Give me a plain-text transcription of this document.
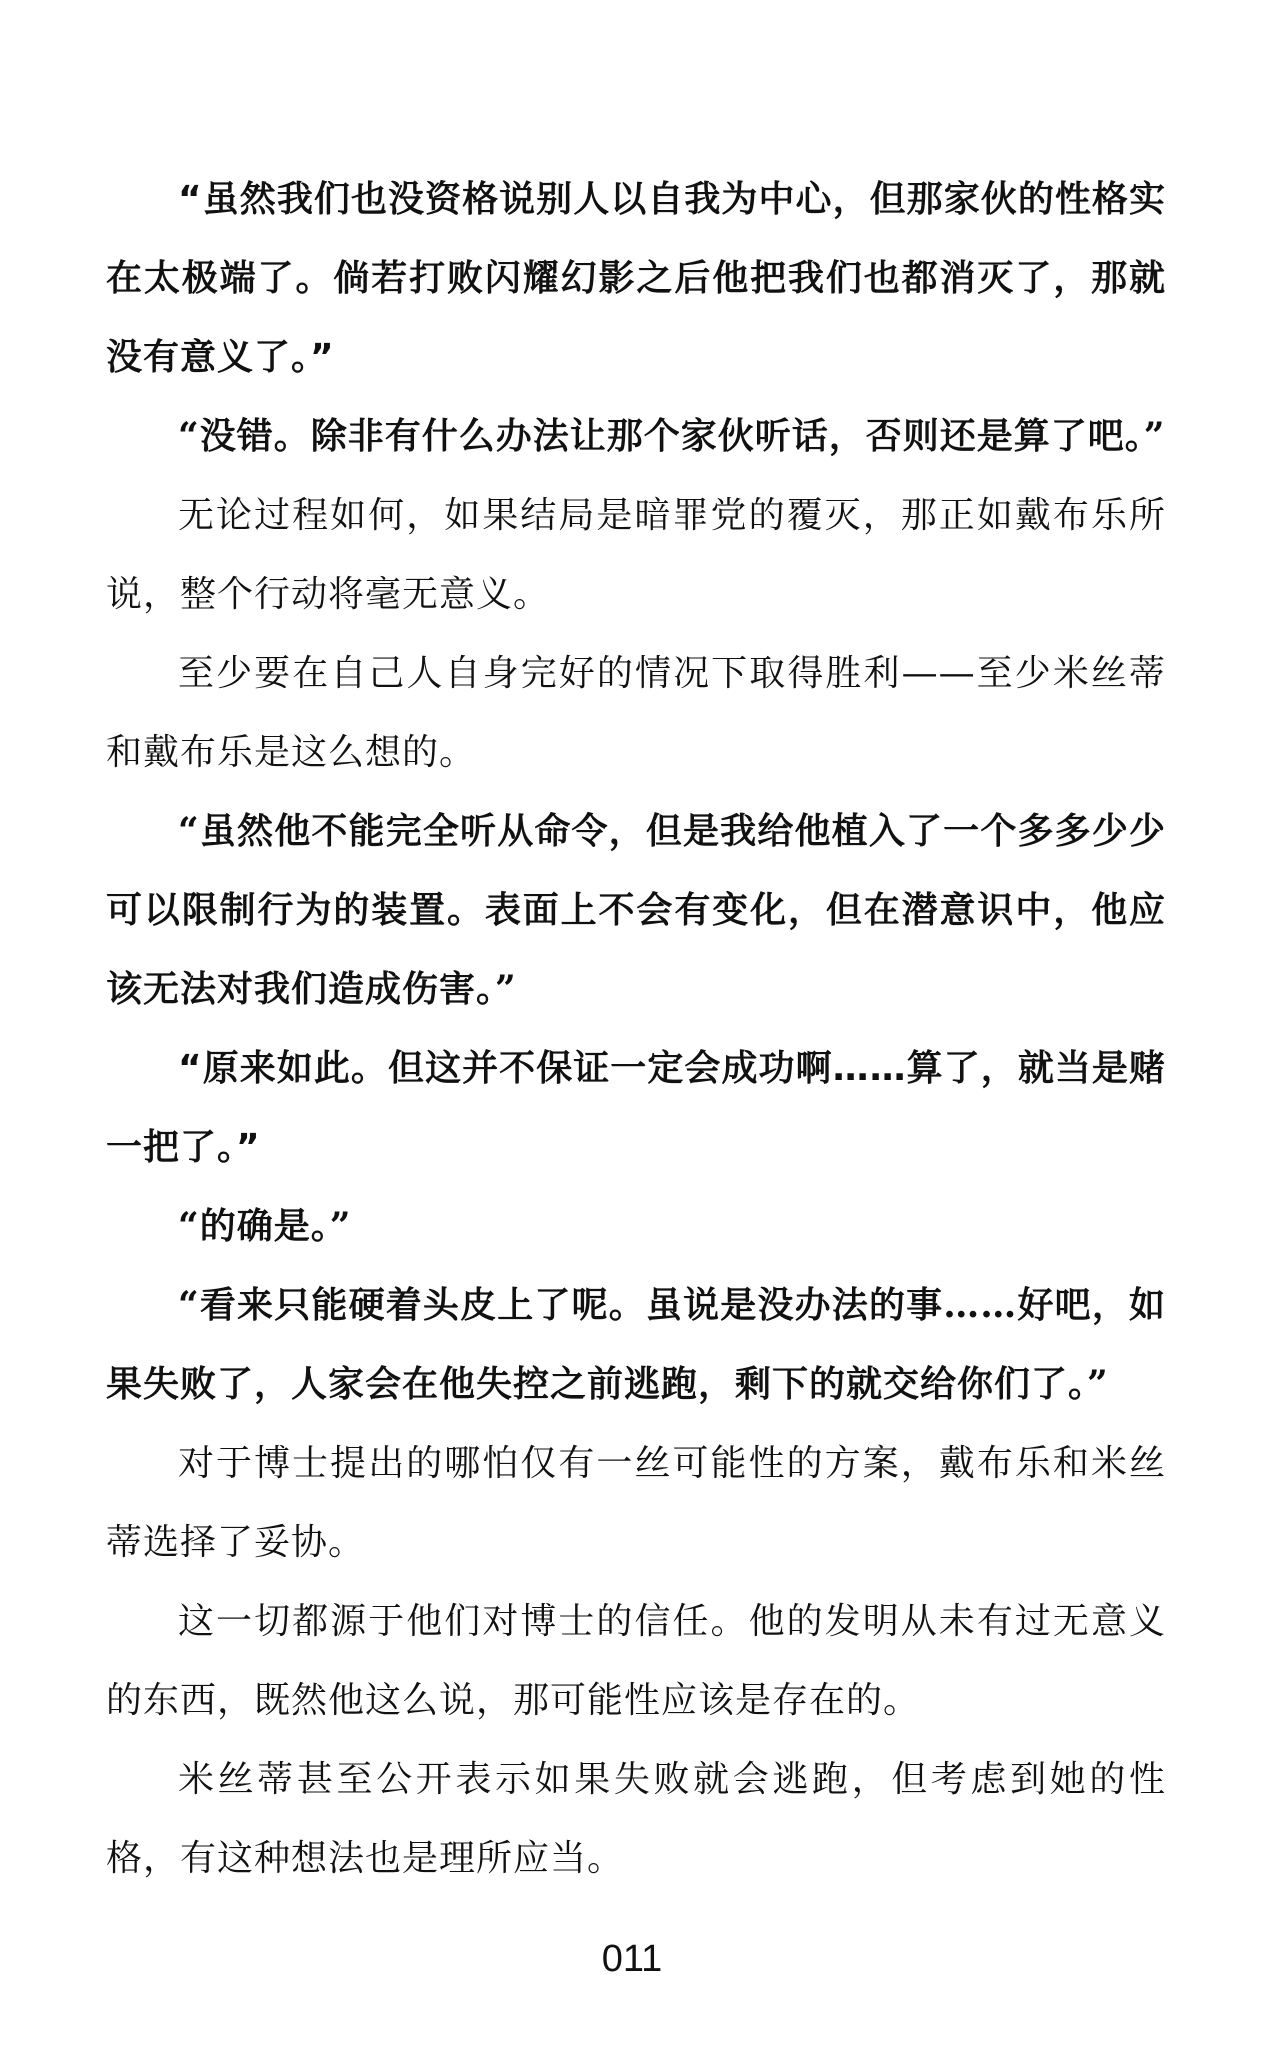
“虽然我们也没资格说别人以自我为中心，但那家伙的性格实在太极端了。倘若打败闪耀幻影之后他把我们也都消灭了，那就没有意义了。”

“没错。除非有什么办法让那个家伙听话，否则还是算了吧。”

无论过程如何，如果结局是暗罪党的覆灭，那正如戴布乐所说，整个行动将毫无意义。

至少要在自己人自身完好的情况下取得胜利——至少米丝蒂和戴布乐是这么想的。

“虽然他不能完全听从命令，但是我给他植入了一个多多少少可以限制行为的装置。表面上不会有变化，但在潜意识中，他应该无法对我们造成伤害。”

“原来如此。但这并不保证一定会成功啊……算了，就当是赌一把了。”

“的确是。”

“看来只能硬着头皮上了呢。虽说是没办法的事……好吧，如果失败了，人家会在他失控之前逃跑，剩下的就交给你们了。”

对于博士提出的哪怕仅有一丝可能性的方案，戴布乐和米丝蒂选择了妥协。

这一切都源于他们对博士的信任。他的发明从未有过无意义的东西，既然他这么说，那可能性应该是存在的。

米丝蒂甚至公开表示如果失败就会逃跑，但考虑到她的性格，有这种想法也是理所应当。

011
